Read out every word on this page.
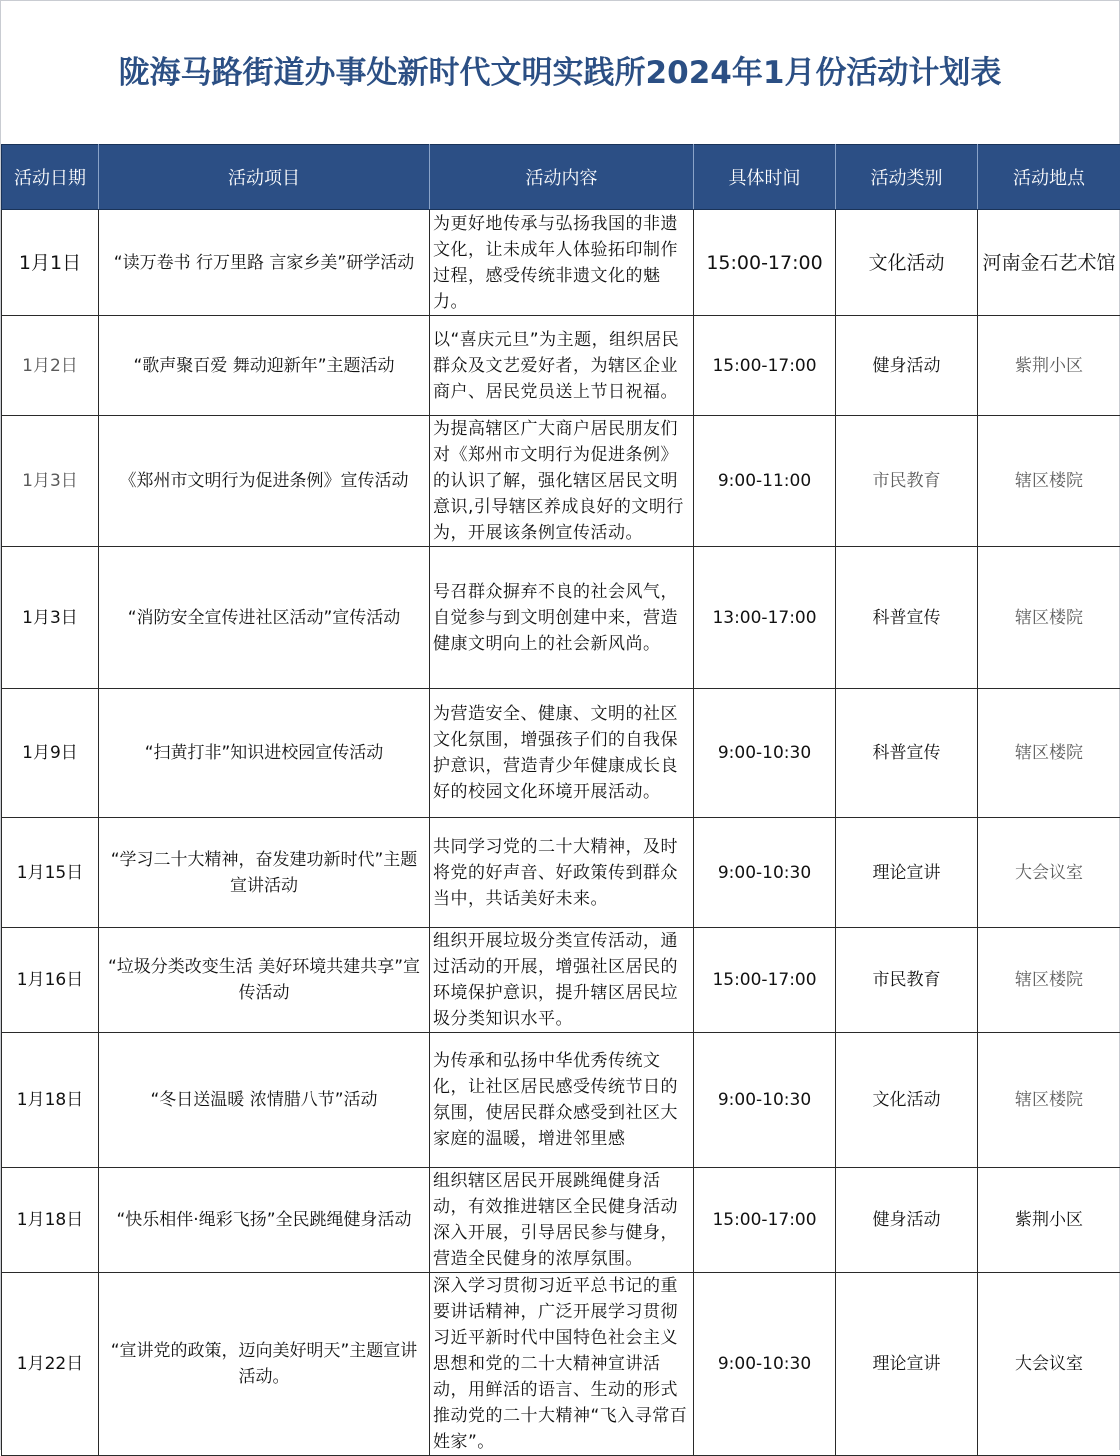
陇海马路街道办事处新时代文明实践所2024年1月份活动计划表
活动日期	活动项目	活动内容	具体时间	活动类别	活动地点
1月1日	“读万卷书 行万里路 言家乡美”研学活动	为更好地传承与弘扬我国的非遗文化，让未成年人体验拓印制作过程，感受传统非遗文化的魅力。	15:00-17:00	文化活动	河南金石艺术馆
1月2日	“歌声聚百爱 舞动迎新年”主题活动	以“喜庆元旦”为主题，组织居民群众及文艺爱好者，为辖区企业商户、居民党员送上节日祝福。	15:00-17:00	健身活动	紫荆小区
1月3日	《郑州市文明行为促进条例》宣传活动	为提高辖区广大商户居民朋友们对《郑州市文明行为促进条例》的认识了解，强化辖区居民文明意识,引导辖区养成良好的文明行为，开展该条例宣传活动。	9:00-11:00	市民教育	辖区楼院
1月3日	“消防安全宣传进社区活动”宣传活动	号召群众摒弃不良的社会风气，自觉参与到文明创建中来，营造健康文明向上的社会新风尚。	13:00-17:00	科普宣传	辖区楼院
1月9日	“扫黄打非”知识进校园宣传活动	为营造安全、健康、文明的社区文化氛围，增强孩子们的自我保护意识，营造青少年健康成长良好的校园文化环境开展活动。	9:00-10:30	科普宣传	辖区楼院
1月15日	“学习二十大精神，奋发建功新时代”主题宣讲活动	共同学习党的二十大精神，及时将党的好声音、好政策传到群众当中，共话美好未来。	9:00-10:30	理论宣讲	大会议室
1月16日	“垃圾分类改变生活 美好环境共建共享”宣传活动	组织开展垃圾分类宣传活动，通过活动的开展，增强社区居民的环境保护意识，提升辖区居民垃圾分类知识水平。	15:00-17:00	市民教育	辖区楼院
1月18日	“冬日送温暖 浓情腊八节”活动	为传承和弘扬中华优秀传统文化，让社区居民感受传统节日的氛围，使居民群众感受到社区大家庭的温暖，增进邻里感	9:00-10:30	文化活动	辖区楼院
1月18日	“快乐相伴·绳彩飞扬”全民跳绳健身活动	组织辖区居民开展跳绳健身活动，有效推进辖区全民健身活动深入开展，引导居民参与健身，营造全民健身的浓厚氛围。	15:00-17:00	健身活动	紫荆小区
1月22日	“宣讲党的政策，迈向美好明天”主题宣讲活动。	深入学习贯彻习近平总书记的重要讲话精神，广泛开展学习贯彻习近平新时代中国特色社会主义思想和党的二十大精神宣讲活动，用鲜活的语言、生动的形式推动党的二十大精神“飞入寻常百姓家”。	9:00-10:30	理论宣讲	大会议室
